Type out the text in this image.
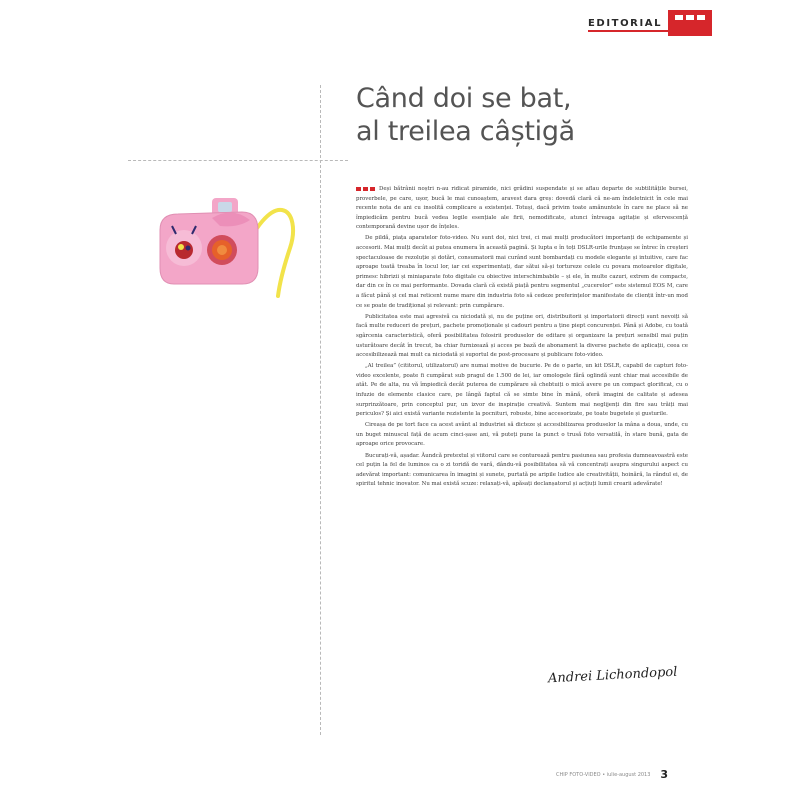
EDITORIAL
Când doi se bat,
al treilea câștigă

Deși bătrânii noștri n-au ridicat piramide, nici grădini suspendate și se aflau departe de subtilitățile bursei, proverbele, pe care, ușor, bucă le mai cunoaștem, aravest dara greș: dovedă clară că ne-am îndeletnicit în cele mai recente nota de ani cu insolită complicare a existenței. Totuși, dacă privim toate amănuntele în care ne place să ne împiedicăm pentru bucă vedea legile esențiale ale firii, nemodificate, atunci întreaga agitație și efervescență contemporană devine ușor de înțeles.

De pildă, piața aparatelor foto-video. Nu sunt doi, nici trei, ci mai mulți producători importanți de echipamente și accesorii. Mai mulți decât ai putea enumera în această pagină. Și lupta e în toți DSLR-urile frunțașe se întrec în creșteri spectaculoase de rezoluție și dotări, consumatorii mai curând sunt bombardați cu modele elegante și intuitive, care fac aproape toată treaba în locul lor, iar cei experimentați, dar sătui să-și tortureze celele cu povara motoarelor digitale, primesc hibrizii și miniaparate foto digitale cu obiective interschimbabile – și ele, în multe cazuri, extrem de compacte, dar din ce în ce mai performante. Dovada clară că există piață pentru segmentul „cucerelor” este sistemul EOS M, care a făcut până și cel mai reticent nume mare din industria foto să cedeze preferințelor manifestate de clienții într-un mod ce se poate de tradițional și relevant: prin cumpărare.

Publicitatea este mai agresivă ca niciodată și, nu de puține ori, distribuitorii și importatorii direcți sunt nevoiți să facă multe reduceri de prețuri, pachete promoționale și cadouri pentru a ține piept concurenței. Până și Adobe, cu toată sgârcenia caracteristică, oferă posibilitatea folosirii produselor de editare și organizare la prețuri sensibil mai puțin usturătoare decât în trecut, ba chiar furnizează și acces pe bază de abonament la diverse pachete de aplicații, ceea ce accesibilizează mai mult ca niciodată și suportul de post-procesare și publicare foto-video.

„Al treilea” (cititorul, utilizatorul) are numai motive de bucurie. Pe de o parte, un kit DSLR, capabil de capturi foto-video excelente, poate fi cumpărat sub pragul de 1.500 de lei, iar omologele fără oglindă sunt chiar mai accesibile de atât. Pe de alta, nu vă împiedică decât puterea de cumpărare să chebtuiți o mică avere pe un compact glorificat, cu o infuzie de elemente clasice care, pe lângă faptul că se simte bine în mână, oferă imagini de calitate și adesea surprinzătoare, prin conceptul pur, un izvor de inspirație creativă. Suntem mai neglijenți din fire sau trăiți mai periculos? Și aici există variante rezistente la pocnituri, robuste, bine accesorizate, pe toate bugetele și gusturile.

Cireașa de pe tort face ca acest avânt al industriei să dicteze și accesibilizarea produselor la mâna a doua, unde, cu un buget minuscul față de acum cinci-șase ani, vă puteți pune la punct o trusă foto versatilă, în stare bună, gata de aproape orice provocare.

Bucurați-vă, așadar. Ăundcă pretextul și viitorul care se conturează pentru pasiunea sau profesia dumneavoastră este cel puțin la fel de luminos ca o zi toridă de vară, dându-vă posibilitatea să vă concentrați asupra singurului aspect cu adevărat important: comunicarea în imagini și sunete, purtată pe aripile ludice ale creativității, hoinără, la rândul ei, de spiritul tehnic inovator. Nu mai există scuze: relaxați-vă, apăsați declanșatorul și acțiuți lumii crearii adevărate!

Andrei Lichondopol
CHIP FOTO-VIDEO • iulie-august 2013 3
